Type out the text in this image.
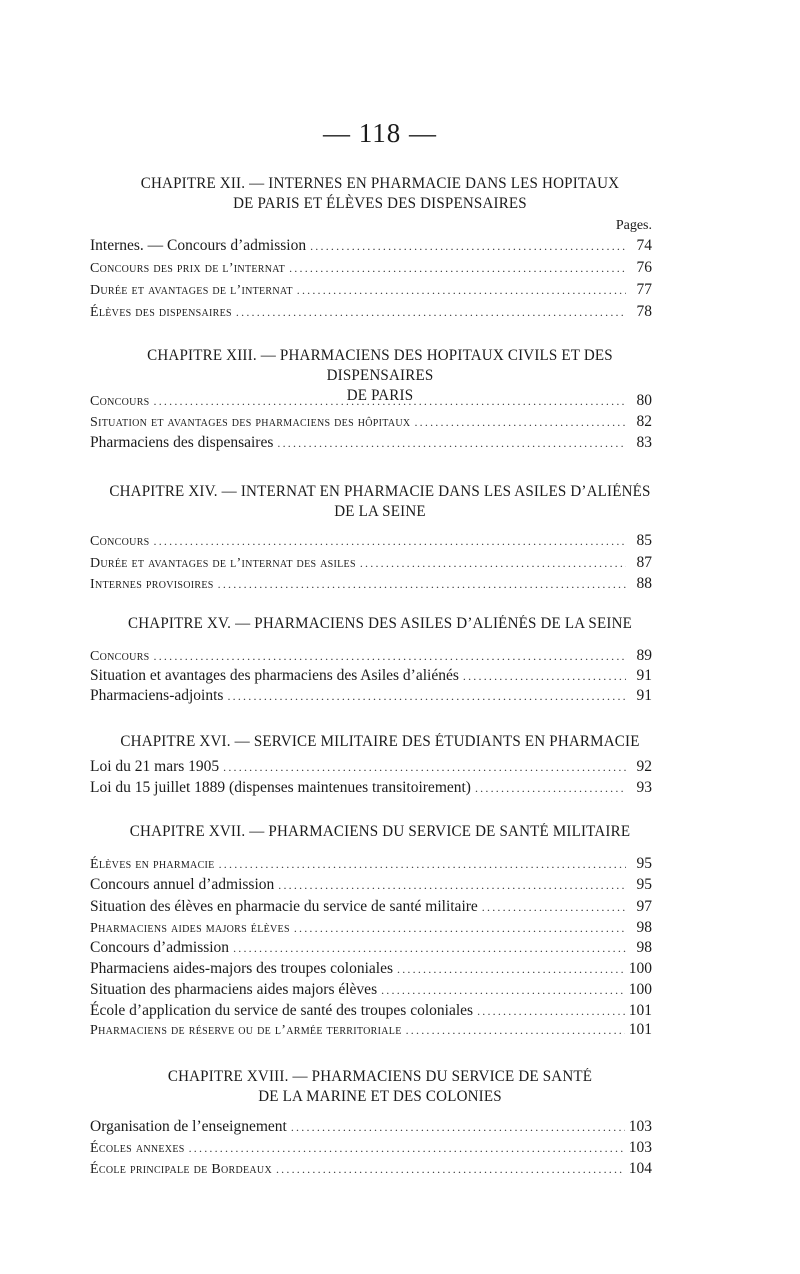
— 118 —
CHAPITRE XII. — INTERNES EN PHARMACIE DANS LES HOPITAUX
DE PARIS ET ÉLÈVES DES DISPENSAIRES
Pages.
Internes. — Concours d’admission .....	74
Concours des prix de l’internat .....	76
Durée et avantages de l’internat .....	77
Élèves des dispensaires .....	78
CHAPITRE XIII. — PHARMACIENS DES HOPITAUX CIVILS ET DES DISPENSAIRES
DE PARIS
Concours .....	80
Situation et avantages des pharmaciens des hôpitaux .....	82
Pharmaciens des dispensaires .....	83
CHAPITRE XIV. — INTERNAT EN PHARMACIE DANS LES ASILES D’ALIÉNÉS
DE LA SEINE
Concours .....	85
Durée et avantages de l’internat des asiles .....	87
Internes provisoires .....	88
CHAPITRE XV. — PHARMACIENS DES ASILES D’ALIÉNÉS DE LA SEINE
Concours .....	89
Situation et avantages des pharmaciens des Asiles d’aliénés .....	91
Pharmaciens-adjoints .....	91
CHAPITRE XVI. — SERVICE MILITAIRE DES ÉTUDIANTS EN PHARMACIE
Loi du 21 mars 1905 .....	92
Loi du 15 juillet 1889 (dispenses maintenues transitoirement) .....	93
CHAPITRE XVII. — PHARMACIENS DU SERVICE DE SANTÉ MILITAIRE
Élèves en pharmacie .....	95
Concours annuel d’admission .....	95
Situation des élèves en pharmacie du service de santé militaire .....	97
Pharmaciens aides majors élèves .....	98
Concours d’admission .....	98
Pharmaciens aides-majors des troupes coloniales .....	100
Situation des pharmaciens aides majors élèves .....	100
École d’application du service de santé des troupes coloniales .....	101
Pharmaciens de réserve ou de l’armée territoriale .....	101
CHAPITRE XVIII. — PHARMACIENS DU SERVICE DE SANTÉ
DE LA MARINE ET DES COLONIES
Organisation de l’enseignement .....	103
Écoles annexes .....	103
École principale de Bordeaux .....	104
